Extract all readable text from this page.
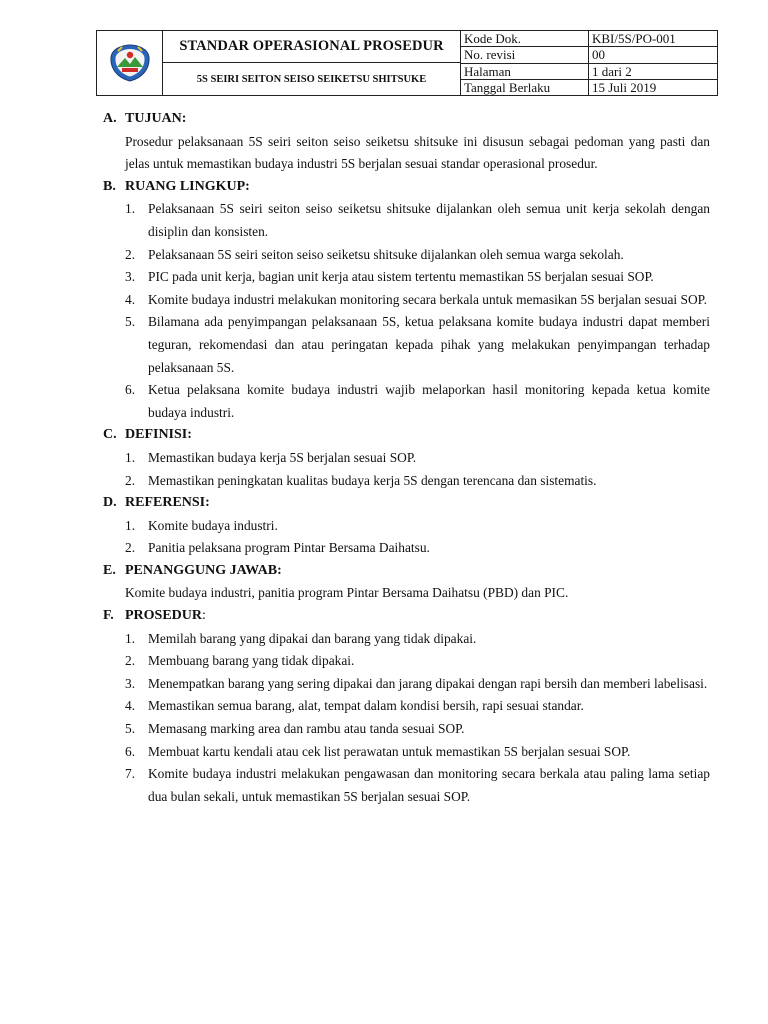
STANDAR OPERASIONAL PROSEDUR
5S SEIRI SEITON SEISO SEIKETSU SHITSUKE
Kode Dok.	KBI/5S/PO-001
No. revisi	00
Halaman	1 dari 2
Tanggal Berlaku	15 Juli 2019
A. TUJUAN:
Prosedur pelaksanaan 5S seiri seiton seiso seiketsu shitsuke ini disusun sebagai pedoman yang pasti dan jelas untuk memastikan budaya industri 5S berjalan sesuai standar operasional prosedur.
B. RUANG LINGKUP:
1. Pelaksanaan 5S seiri seiton seiso seiketsu shitsuke dijalankan oleh semua unit kerja sekolah dengan disiplin dan konsisten.
2. Pelaksanaan 5S seiri seiton seiso seiketsu shitsuke dijalankan oleh semua warga sekolah.
3. PIC pada unit kerja, bagian unit kerja atau sistem tertentu memastikan 5S berjalan sesuai SOP.
4. Komite budaya industri melakukan monitoring secara berkala untuk memasikan 5S berjalan sesuai SOP.
5. Bilamana ada penyimpangan pelaksanaan 5S, ketua pelaksana komite budaya industri dapat memberi teguran, rekomendasi dan atau peringatan kepada pihak yang melakukan penyimpangan terhadap pelaksanaan 5S.
6. Ketua pelaksana komite budaya industri wajib melaporkan hasil monitoring kepada ketua komite budaya industri.
C. DEFINISI:
1. Memastikan budaya kerja 5S berjalan sesuai SOP.
2. Memastikan peningkatan kualitas budaya kerja 5S dengan terencana dan sistematis.
D. REFERENSI:
1. Komite budaya industri.
2. Panitia pelaksana program Pintar Bersama Daihatsu.
E. PENANGGUNG JAWAB:
Komite budaya industri, panitia program Pintar Bersama Daihatsu (PBD) dan PIC.
F. PROSEDUR :
1. Memilah barang yang dipakai dan barang yang tidak dipakai.
2. Membuang barang yang tidak dipakai.
3. Menempatkan barang yang sering dipakai dan jarang dipakai dengan rapi bersih dan memberi labelisasi.
4. Memastikan semua barang, alat, tempat dalam kondisi bersih, rapi sesuai standar.
5. Memasang marking area dan rambu atau tanda sesuai SOP.
6. Membuat kartu kendali atau cek list perawatan untuk memastikan 5S berjalan sesuai SOP.
7. Komite budaya industri melakukan pengawasan dan monitoring secara berkala atau paling lama setiap dua bulan sekali, untuk memastikan 5S berjalan sesuai SOP.
